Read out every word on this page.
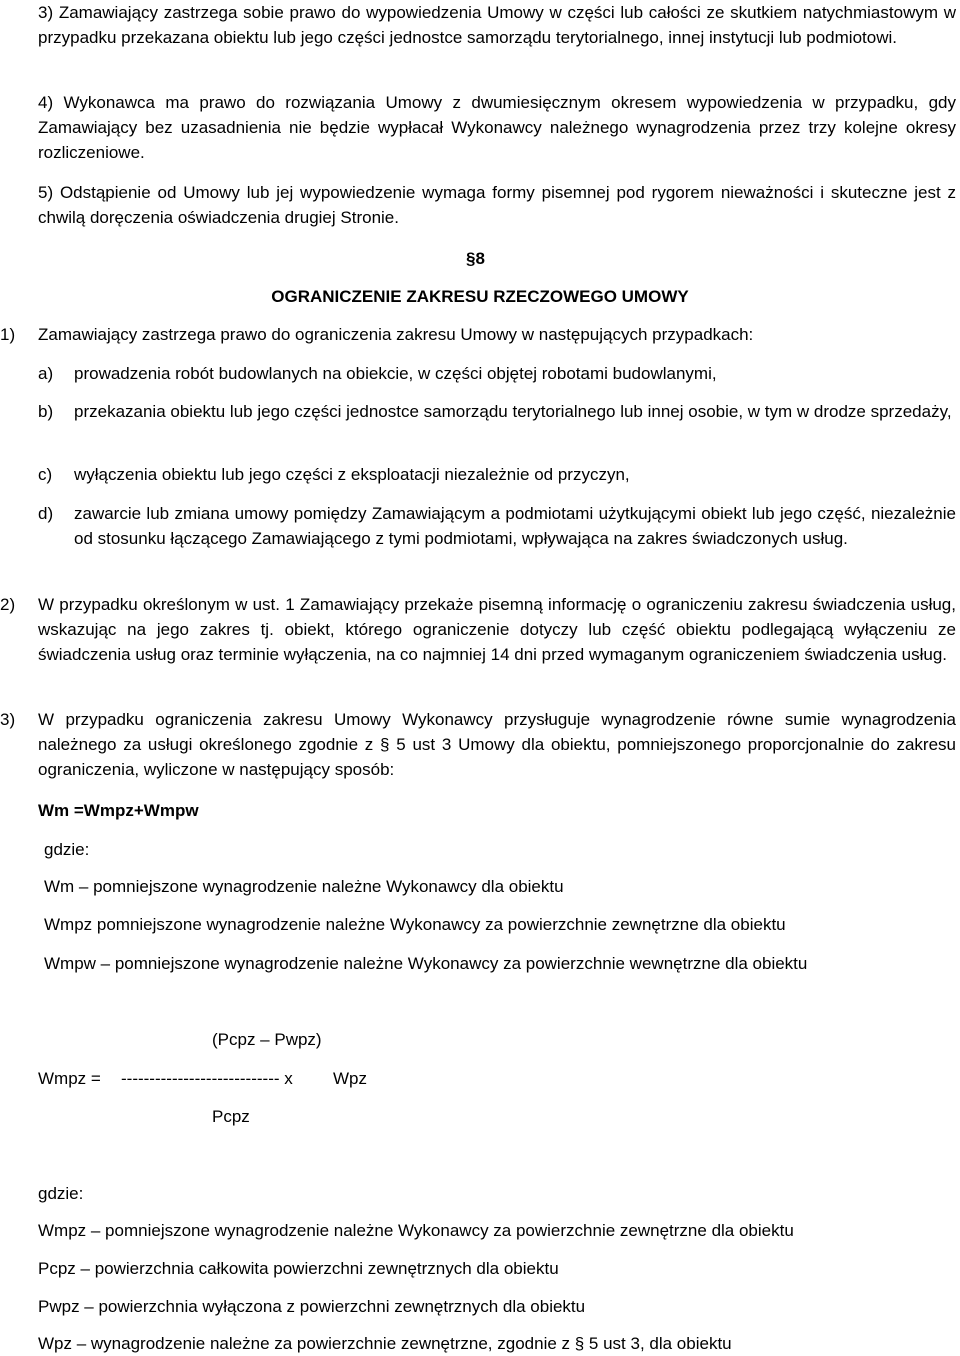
3) Zamawiający zastrzega sobie prawo do wypowiedzenia Umowy w części lub całości ze skutkiem natychmiastowym w przypadku przekazana obiektu lub jego części jednostce samorządu terytorialnego, innej instytucji lub podmiotowi.
4) Wykonawca ma prawo do rozwiązania Umowy z dwumiesięcznym okresem wypowiedzenia w przypadku, gdy Zamawiający bez uzasadnienia nie będzie wypłacał Wykonawcy należnego wynagrodzenia przez trzy kolejne okresy rozliczeniowe.
5) Odstąpienie od Umowy lub jej wypowiedzenie wymaga formy pisemnej pod rygorem nieważności i skuteczne jest z chwilą doręczenia oświadczenia drugiej Stronie.
§8
OGRANICZENIE ZAKRESU RZECZOWEGO UMOWY
1) Zamawiający zastrzega prawo do ograniczenia zakresu Umowy w następujących przypadkach:
a) prowadzenia robót budowlanych na obiekcie, w części objętej robotami budowlanymi,
b) przekazania obiektu lub jego części jednostce samorządu terytorialnego lub innej osobie, w tym w drodze sprzedaży,
c) wyłączenia obiektu lub jego części z eksploatacji niezależnie od przyczyn,
d) zawarcie lub zmiana umowy pomiędzy Zamawiającym a podmiotami użytkującymi obiekt lub jego część, niezależnie od stosunku łączącego Zamawiającego z tymi podmiotami, wpływająca na zakres świadczonych usług.
2) W przypadku określonym w ust. 1 Zamawiający przekaże pisemną informację o ograniczeniu zakresu świadczenia usług, wskazując na jego zakres tj. obiekt, którego ograniczenie dotyczy lub część obiektu podlegającą wyłączeniu ze świadczenia usług oraz terminie wyłączenia, na co najmniej 14 dni przed wymaganym ograniczeniem świadczenia usług.
3) W przypadku ograniczenia zakresu Umowy Wykonawcy przysługuje wynagrodzenie równe sumie wynagrodzenia należnego za usługi określonego zgodnie z § 5 ust 3 Umowy dla obiektu, pomniejszonego proporcjonalnie do zakresu ograniczenia, wyliczone w następujący sposób:
Wm =Wmpz+Wmpw
gdzie:
Wm – pomniejszone wynagrodzenie należne Wykonawcy dla obiektu
Wmpz pomniejszone wynagrodzenie należne Wykonawcy za powierzchnie zewnętrzne dla obiektu
Wmpw – pomniejszone wynagrodzenie należne Wykonawcy za powierzchnie wewnętrzne dla obiektu
(Pcpz – Pwpz)
Wmpz = ---------------------------- x Wpz
Pcpz
gdzie:
Wmpz – pomniejszone wynagrodzenie należne Wykonawcy za powierzchnie zewnętrzne dla obiektu
Pcpz – powierzchnia całkowita powierzchni zewnętrznych dla obiektu
Pwpz – powierzchnia wyłączona z powierzchni zewnętrznych dla obiektu
Wpz – wynagrodzenie należne za powierzchnie zewnętrzne, zgodnie z § 5 ust 3, dla obiektu
